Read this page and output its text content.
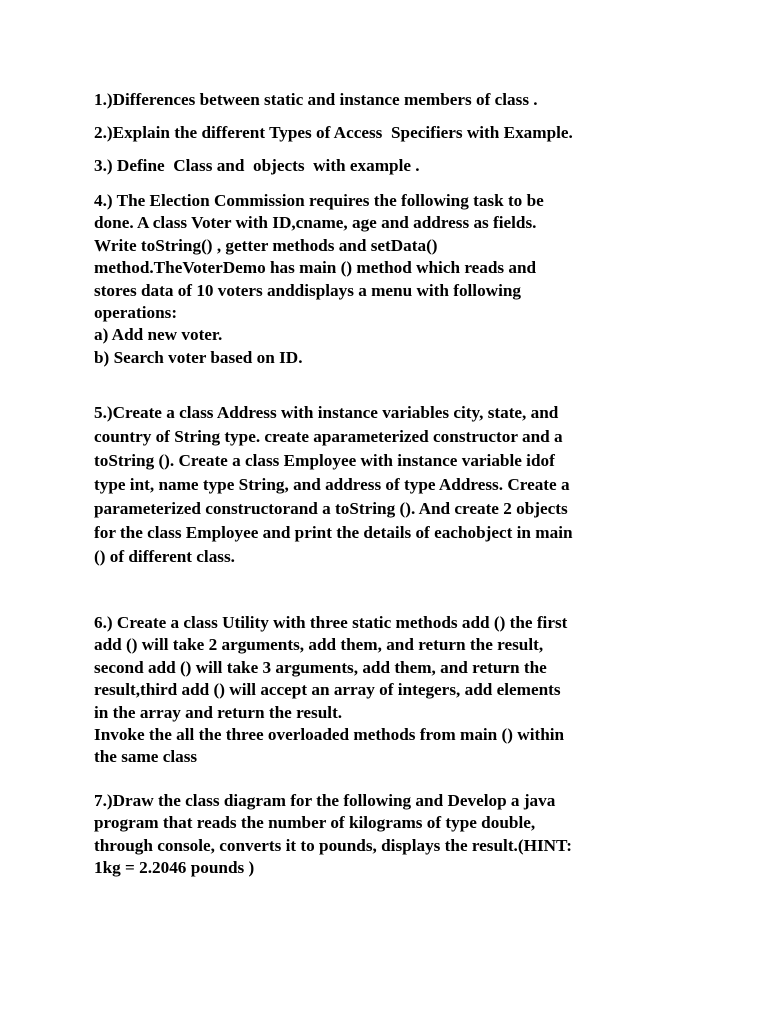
1.)Differences between static and instance members of class .
2.)Explain the different Types of Access  Specifiers with Example.
3.) Define  Class and  objects  with example .
4.) The Election Commission requires the following task to be
done. A class Voter with ID,cname, age and address as fields.
Write toString() , getter methods and setData()
method.TheVoterDemo has main () method which reads and
stores data of 10 voters anddisplays a menu with following
operations:
a) Add new voter.
b) Search voter based on ID.
5.)Create a class Address with instance variables city, state, and
country of String type. create aparameterized constructor and a
toString (). Create a class Employee with instance variable idof
type int, name type String, and address of type Address. Create a
parameterized constructorand a toString (). And create 2 objects
for the class Employee and print the details of eachobject in main
() of different class.
6.) Create a class Utility with three static methods add () the first
add () will take 2 arguments, add them, and return the result,
second add () will take 3 arguments, add them, and return the
result,third add () will accept an array of integers, add elements
in the array and return the result.
Invoke the all the three overloaded methods from main () within
the same class
7.)Draw the class diagram for the following and Develop a java
program that reads the number of kilograms of type double,
through console, converts it to pounds, displays the result.(HINT:
1kg = 2.2046 pounds )
